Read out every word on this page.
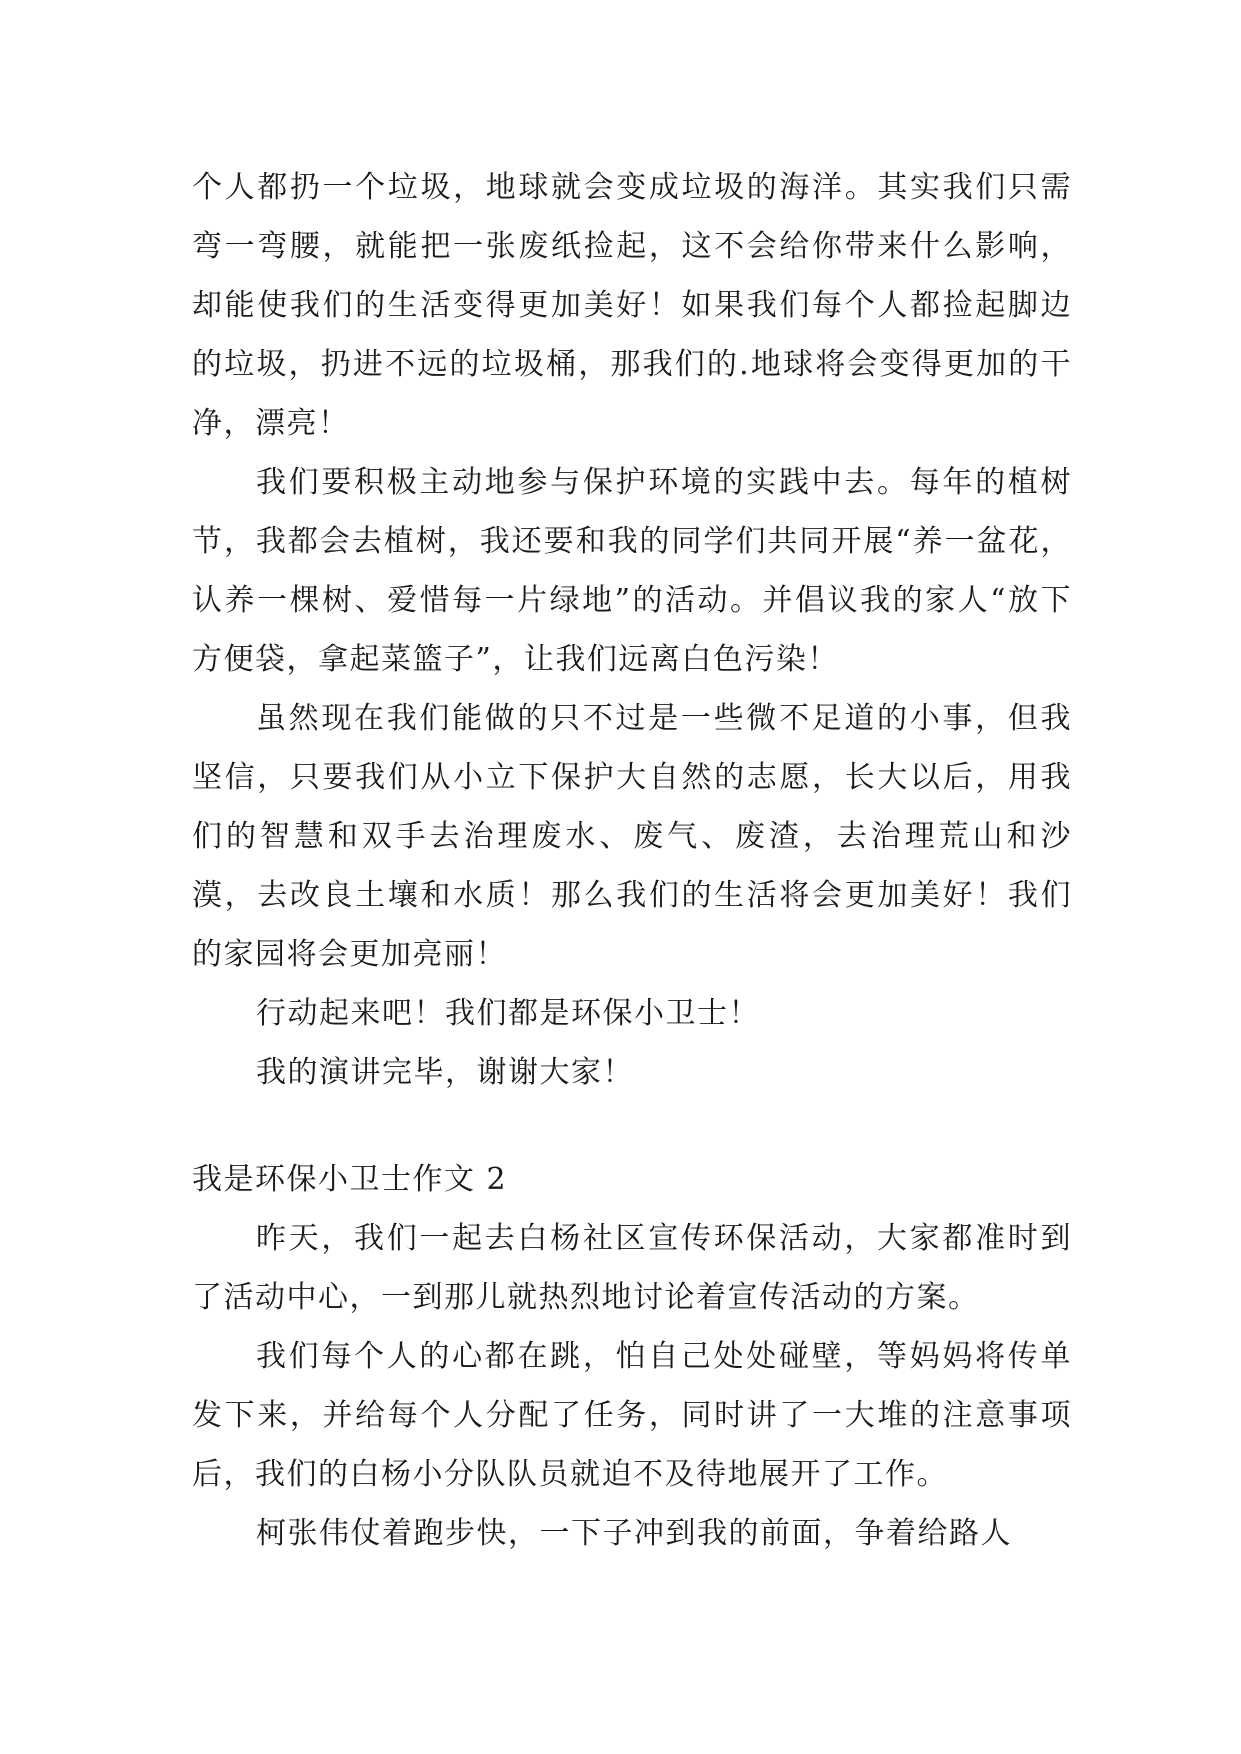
个人都扔一个垃圾，地球就会变成垃圾的海洋。其实我们只需弯一弯腰，就能把一张废纸捡起，这不会给你带来什么影响，却能使我们的生活变得更加美好！如果我们每个人都捡起脚边的垃圾，扔进不远的垃圾桶，那我们的.地球将会变得更加的干净，漂亮！

我们要积极主动地参与保护环境的实践中去。每年的植树节，我都会去植树，我还要和我的同学们共同开展“养一盆花，认养一棵树、爱惜每一片绿地”的活动。并倡议我的家人“放下方便袋，拿起菜篮子”，让我们远离白色污染！

虽然现在我们能做的只不过是一些微不足道的小事，但我坚信，只要我们从小立下保护大自然的志愿，长大以后，用我们的智慧和双手去治理废水、废气、废渣，去治理荒山和沙漠，去改良土壤和水质！那么我们的生活将会更加美好！我们的家园将会更加亮丽！

行动起来吧！我们都是环保小卫士！

我的演讲完毕，谢谢大家！

我是环保小卫士作文 2

昨天，我们一起去白杨社区宣传环保活动，大家都准时到了活动中心，一到那儿就热烈地讨论着宣传活动的方案。

我们每个人的心都在跳，怕自己处处碰壁，等妈妈将传单发下来，并给每个人分配了任务，同时讲了一大堆的注意事项后，我们的白杨小分队队员就迫不及待地展开了工作。

柯张伟仗着跑步快，一下子冲到我的前面，争着给路人
